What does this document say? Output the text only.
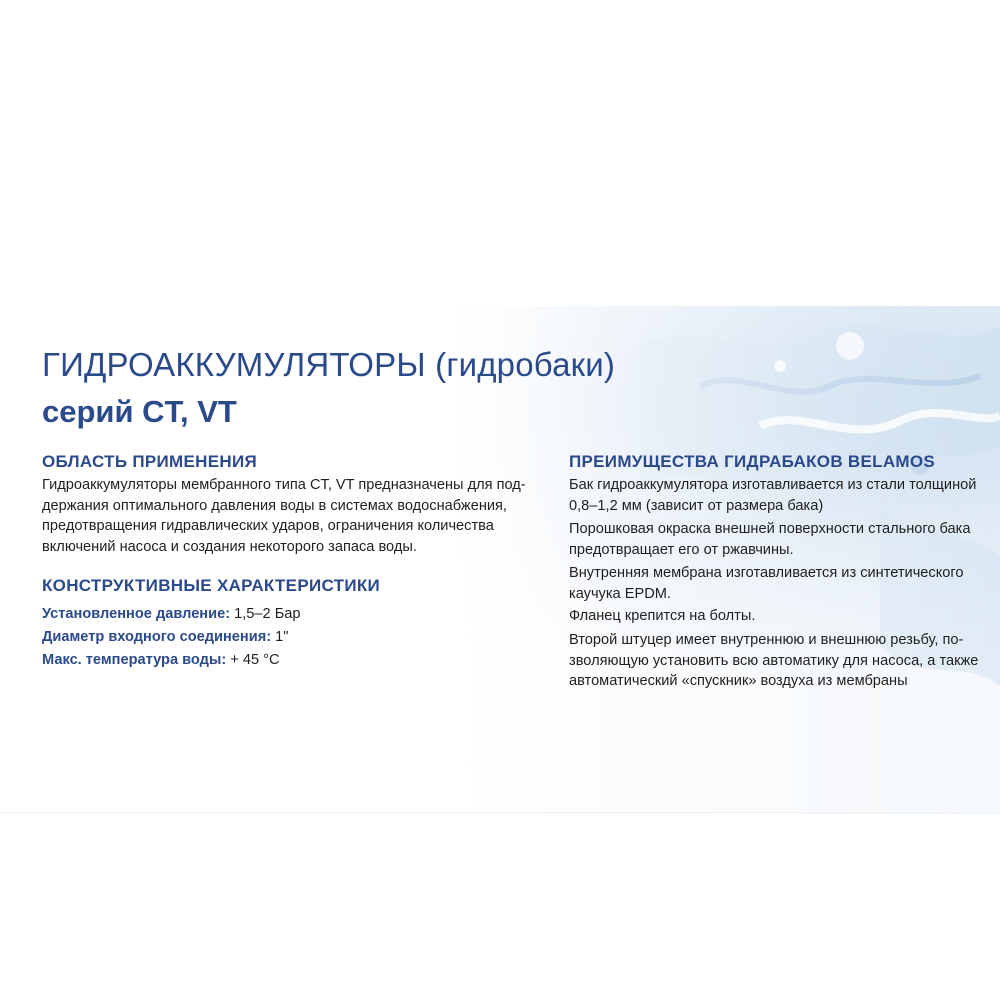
ГИДРОАККУМУЛЯТОРЫ (гидробаки)
серий CT, VT
ОБЛАСТЬ ПРИМЕНЕНИЯ

Гидроаккумуляторы мембранного типа CT, VT предназначены для под-
держания оптимального давления воды в системах водоснабжения,
предотвращения гидравлических ударов, ограничения количества
включений насоса и создания некоторого запаса воды.

КОНСТРУКТИВНЫЕ ХАРАКТЕРИСТИКИ

Установленное давление: 1,5–2 Бар

Диаметр входного соединения: 1"

Макс. температура воды: + 45 °C

ПРЕИМУЩЕСТВА ГИДРАБАКОВ BELAMOS

Бак гидроаккумулятора изготавливается из стали толщиной
0,8–1,2 мм (зависит от размера бака)

Порошковая окраска внешней поверхности стального бака
предотвращает его от ржавчины.

Внутренняя мембрана изготавливается из синтетического
каучука EPDM.

Фланец крепится на болты.

Второй штуцер имеет внутреннюю и внешнюю резьбу, по-
зволяющую установить всю автоматику для насоса, а также
автоматический «спускник» воздуха из мембраны
